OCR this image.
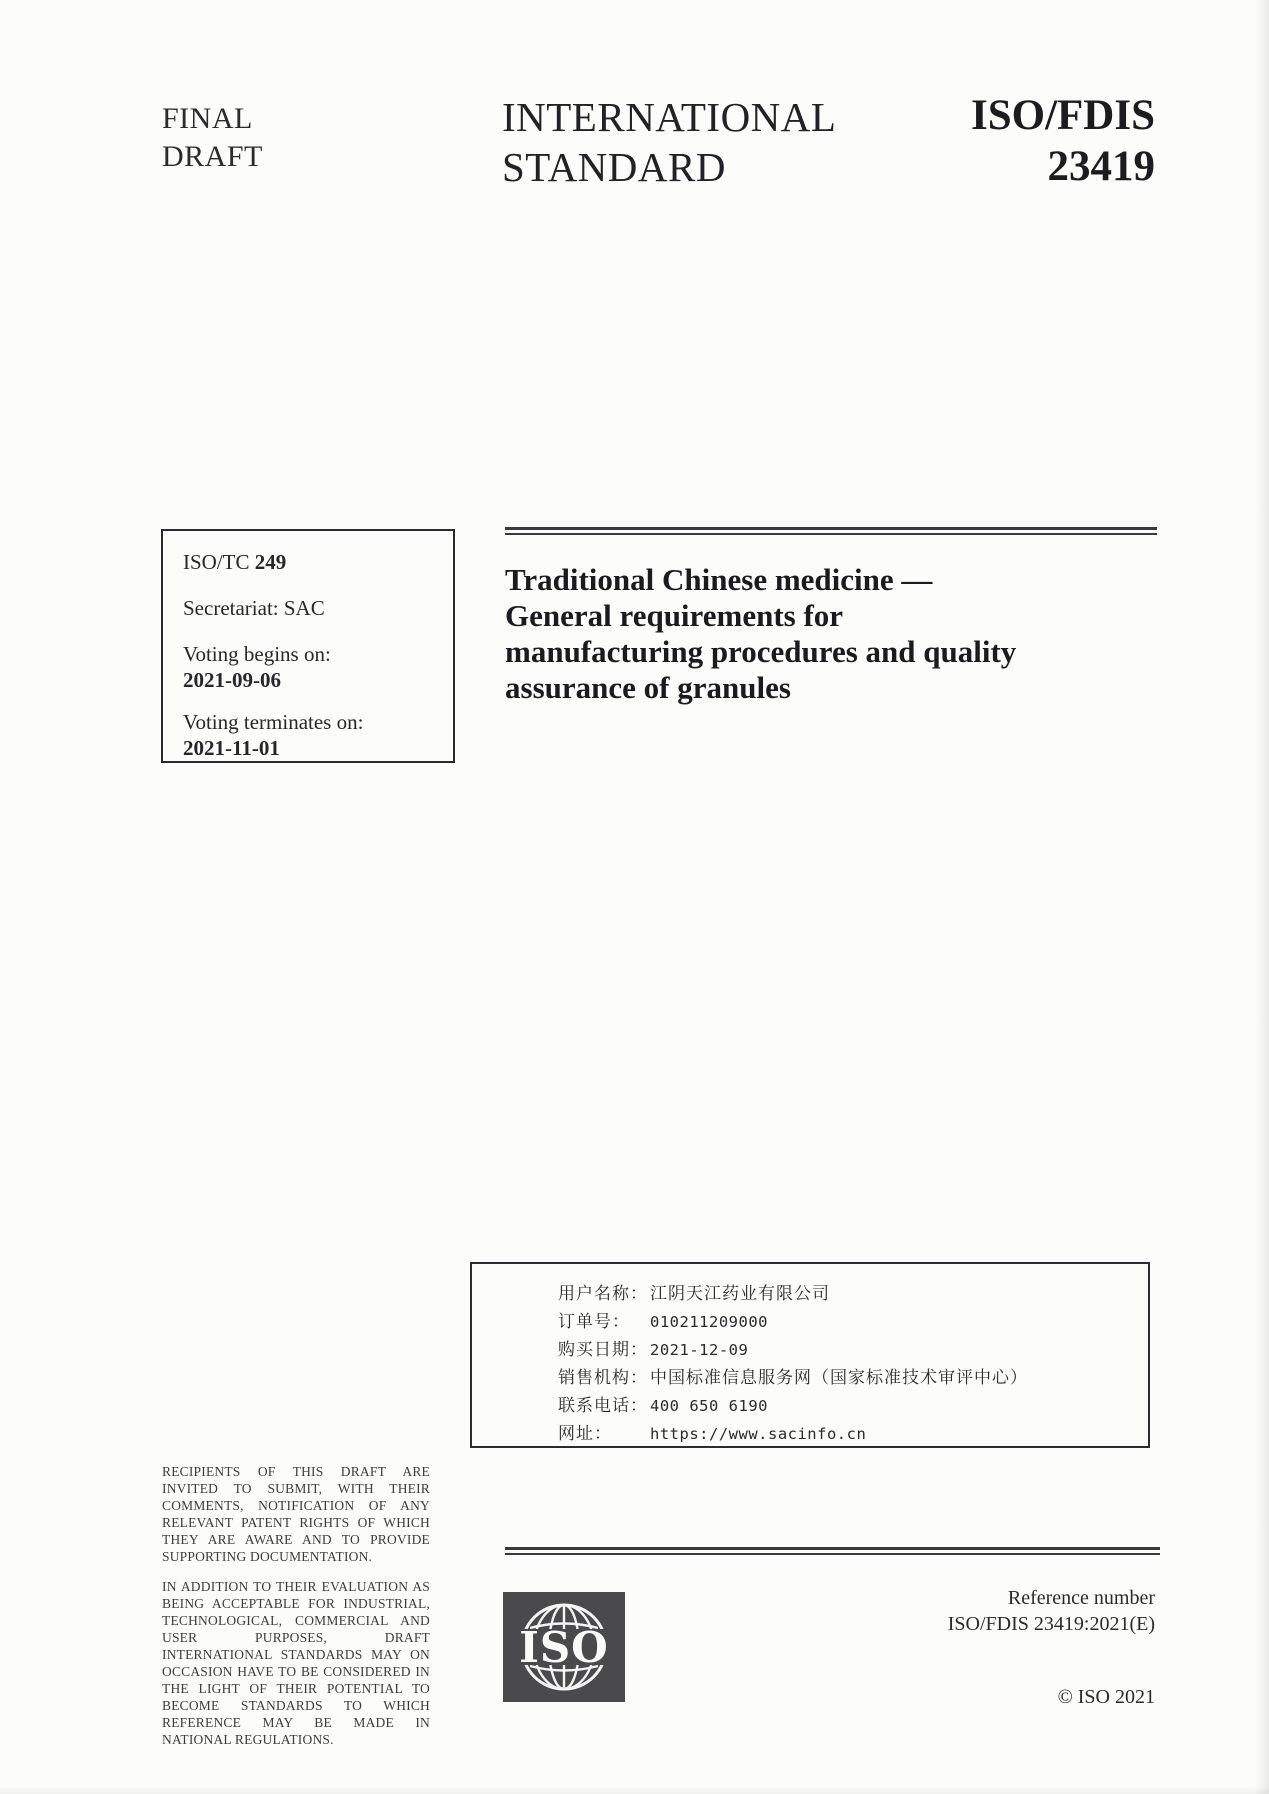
FINAL
DRAFT
INTERNATIONAL
STANDARD
ISO/FDIS
23419
ISO/TC 249
Secretariat: SAC
Voting begins on:
2021-09-06
Voting terminates on:
2021-11-01
Traditional Chinese medicine —
General requirements for
manufacturing procedures and quality
assurance of granules
用户名称： 江阴天江药业有限公司
订单号：	010211209000
购买日期： 2021-12-09
销售机构： 中国标准信息服务网（国家标准技术审评中心）
联系电话： 400 650 6190
网址：	https://www.sacinfo.cn
RECIPIENTS OF THIS DRAFT ARE INVITED TO SUBMIT, WITH THEIR COMMENTS, NOTIFICATION OF ANY RELEVANT PATENT RIGHTS OF WHICH THEY ARE AWARE AND TO PROVIDE SUPPORTING DOCUMENTATION.
IN ADDITION TO THEIR EVALUATION AS BEING ACCEPTABLE FOR INDUSTRIAL, TECHNOLOGICAL, COMMERCIAL AND USER PURPOSES, DRAFT INTERNATIONAL STANDARDS MAY ON OCCASION HAVE TO BE CONSIDERED IN THE LIGHT OF THEIR POTENTIAL TO BECOME STANDARDS TO WHICH REFERENCE MAY BE MADE IN NATIONAL REGULATIONS.
ISO
Reference number
ISO/FDIS 23419:2021(E)
© ISO 2021
